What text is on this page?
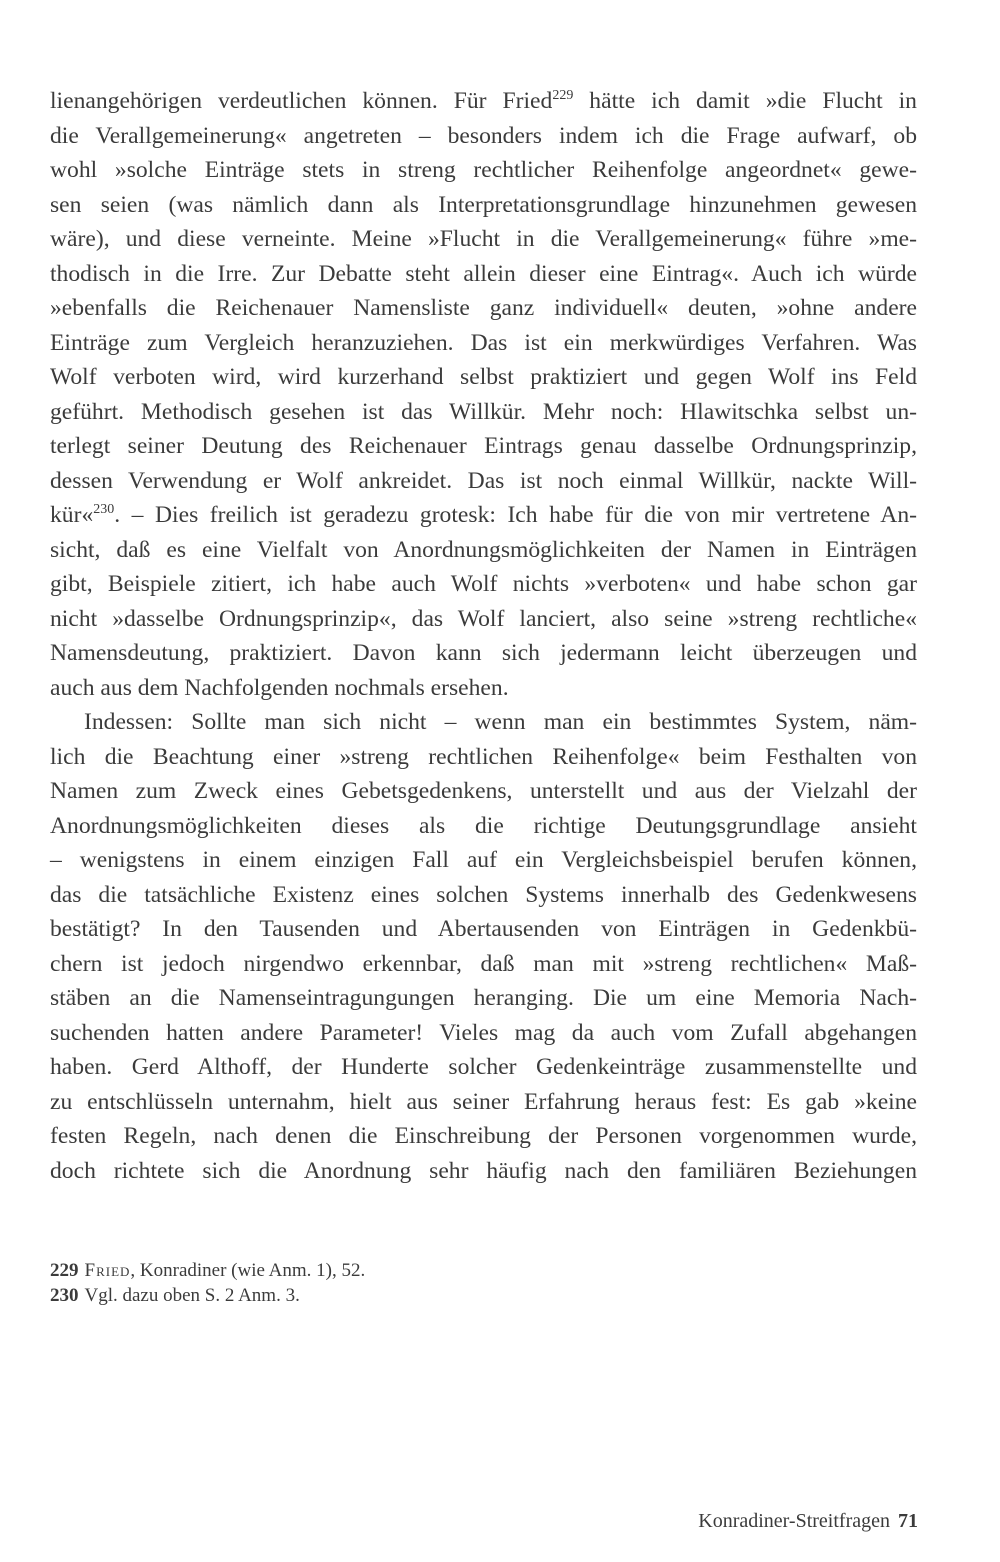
lienangehörigen verdeutlichen können. Für Fried$^{229}$ hätte ich damit »die Flucht in
die Verallgemeinerung« angetreten – besonders indem ich die Frage aufwarf, ob
wohl »solche Einträge stets in streng rechtlicher Reihenfolge angeordnet« gewe-
sen seien (was nämlich dann als Interpretationsgrundlage hinzunehmen gewesen
wäre), und diese verneinte. Meine »Flucht in die Verallgemeinerung« führe »me-
thodisch in die Irre. Zur Debatte steht allein dieser eine Eintrag«. Auch ich würde
»ebenfalls die Reichenauer Namensliste ganz individuell« deuten, »ohne andere
Einträge zum Vergleich heranzuziehen. Das ist ein merkwürdiges Verfahren. Was
Wolf verboten wird, wird kurzerhand selbst praktiziert und gegen Wolf ins Feld
geführt. Methodisch gesehen ist das Willkür. Mehr noch: Hlawitschka selbst un-
terlegt seiner Deutung des Reichenauer Eintrags genau dasselbe Ordnungsprinzip,
dessen Verwendung er Wolf ankreidet. Das ist noch einmal Willkür, nackte Will-
kür«$^{230}$. – Dies freilich ist geradezu grotesk: Ich habe für die von mir vertretene An-
sicht, daß es eine Vielfalt von Anordnungsmöglichkeiten der Namen in Einträgen
gibt, Beispiele zitiert, ich habe auch Wolf nichts »verboten« und habe schon gar
nicht »dasselbe Ordnungsprinzip«, das Wolf lanciert, also seine »streng rechtliche«
Namensdeutung, praktiziert. Davon kann sich jedermann leicht überzeugen und
auch aus dem Nachfolgenden nochmals ersehen.

Indessen: Sollte man sich nicht – wenn man ein bestimmtes System, näm-
lich die Beachtung einer »streng rechtlichen Reihenfolge« beim Festhalten von
Namen zum Zweck eines Gebetsgedenkens, unterstellt und aus der Vielzahl der
Anordnungsmöglichkeiten dieses als die richtige Deutungsgrundlage ansieht
– wenigstens in einem einzigen Fall auf ein Vergleichsbeispiel berufen können,
das die tatsächliche Existenz eines solchen Systems innerhalb des Gedenkwesens
bestätigt? In den Tausenden und Abertausenden von Einträgen in Gedenkbü-
chern ist jedoch nirgendwo erkennbar, daß man mit »streng rechtlichen« Maß-
stäben an die Namenseintragungungen heranging. Die um eine Memoria Nach-
suchenden hatten andere Parameter! Vieles mag da auch vom Zufall abgehangen
haben. Gerd Althoff, der Hunderte solcher Gedenkeinträge zusammenstellte und
zu entschlüsseln unternahm, hielt aus seiner Erfahrung heraus fest: Es gab »keine
festen Regeln, nach denen die Einschreibung der Personen vorgenommen wurde,
doch richtete sich die Anordnung sehr häufig nach den familiären Beziehungen

229 Fried, Konradiner (wie Anm. 1), 52.
230 Vgl. dazu oben S. 2 Anm. 3.
Konradiner-Streitfragen 71
